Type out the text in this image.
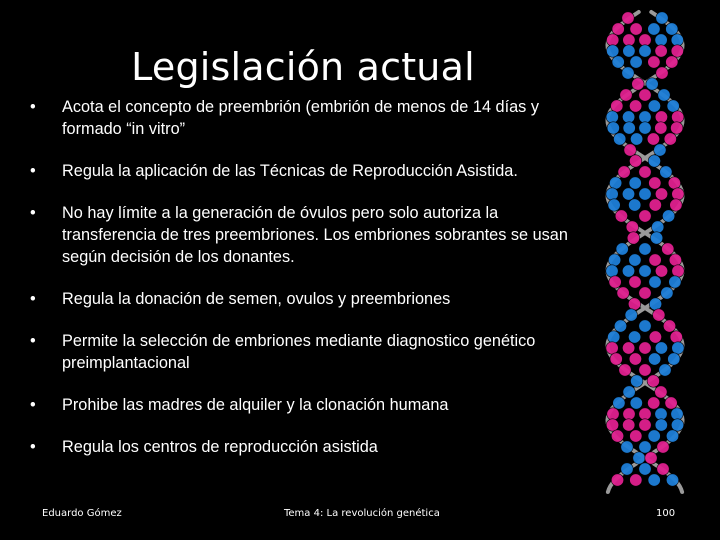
Legislación actual
• Acota el concepto de preembrión (embrión de menos de 14 días y formado “in vitro”
• Regula la aplicación de las Técnicas de Reproducción Asistida.
• No hay límite a la generación de óvulos pero solo autoriza la transferencia de tres preembriones. Los embriones sobrantes se usan según decisión de los donantes.
• Regula la donación de semen, ovulos y preembriones
• Permite la selección de embriones mediante diagnostico genético preimplantacional
• Prohibe las madres de alquiler y la clonación humana
• Regula los centros de reproducción asistida
Eduardo Gómez	Tema 4: La revolución genética	100
